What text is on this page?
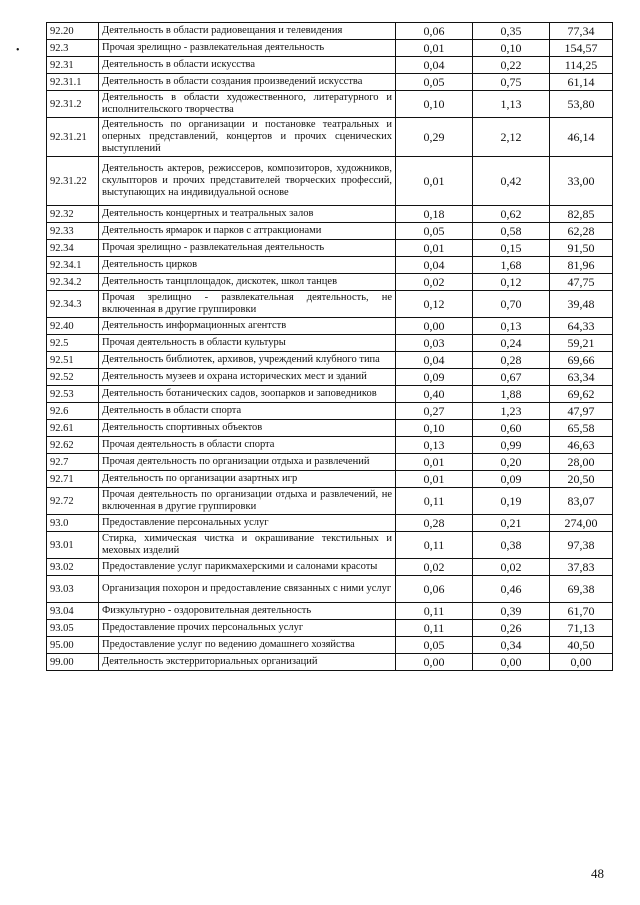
•
92.20	Деятельность в области радиовещания и телевидения	0,06	0,35	77,34
92.3	Прочая зрелищно - развлекательная деятельность	0,01	0,10	154,57
92.31	Деятельность в области искусства	0,04	0,22	114,25
92.31.1	Деятельность в области создания произведений искусства	0,05	0,75	61,14
92.31.2	Деятельность в области художественного, литературного и исполнительского творчества	0,10	1,13	53,80
92.31.21	Деятельность по организации и постановке театральных и оперных представлений, концертов и прочих сценических выступлений	0,29	2,12	46,14
92.31.22	Деятельность актеров, режиссеров, композиторов, художников, скульпторов и прочих представителей творческих профессий, выступающих на индивидуальной основе	0,01	0,42	33,00
92.32	Деятельность концертных и театральных залов	0,18	0,62	82,85
92.33	Деятельность ярмарок и парков с аттракционами	0,05	0,58	62,28
92.34	Прочая зрелищно - развлекательная деятельность	0,01	0,15	91,50
92.34.1	Деятельность цирков	0,04	1,68	81,96
92.34.2	Деятельность танцплощадок, дискотек, школ танцев	0,02	0,12	47,75
92.34.3	Прочая зрелищно - развлекательная деятельность, не включенная в другие группировки	0,12	0,70	39,48
92.40	Деятельность информационных агентств	0,00	0,13	64,33
92.5	Прочая деятельность в области культуры	0,03	0,24	59,21
92.51	Деятельность библиотек, архивов, учреждений клубного типа	0,04	0,28	69,66
92.52	Деятельность музеев и охрана исторических мест и зданий	0,09	0,67	63,34
92.53	Деятельность ботанических садов, зоопарков и заповедников	0,40	1,88	69,62
92.6	Деятельность в области спорта	0,27	1,23	47,97
92.61	Деятельность спортивных объектов	0,10	0,60	65,58
92.62	Прочая деятельность в области спорта	0,13	0,99	46,63
92.7	Прочая деятельность по организации отдыха и развлечений	0,01	0,20	28,00
92.71	Деятельность по организации азартных игр	0,01	0,09	20,50
92.72	Прочая деятельность по организации отдыха и развлечений, не включенная в другие группировки	0,11	0,19	83,07
93.0	Предоставление персональных услуг	0,28	0,21	274,00
93.01	Стирка, химическая чистка и окрашивание текстильных и меховых изделий	0,11	0,38	97,38
93.02	Предоставление услуг парикмахерскими и салонами красоты	0,02	0,02	37,83
93.03	Организация похорон и предоставление связанных с ними услуг	0,06	0,46	69,38
93.04	Физкультурно - оздоровительная деятельность	0,11	0,39	61,70
93.05	Предоставление прочих персональных услуг	0,11	0,26	71,13
95.00	Предоставление услуг по ведению домашнего хозяйства	0,05	0,34	40,50
99.00	Деятельность экстерриториальных организаций	0,00	0,00	0,00
48
